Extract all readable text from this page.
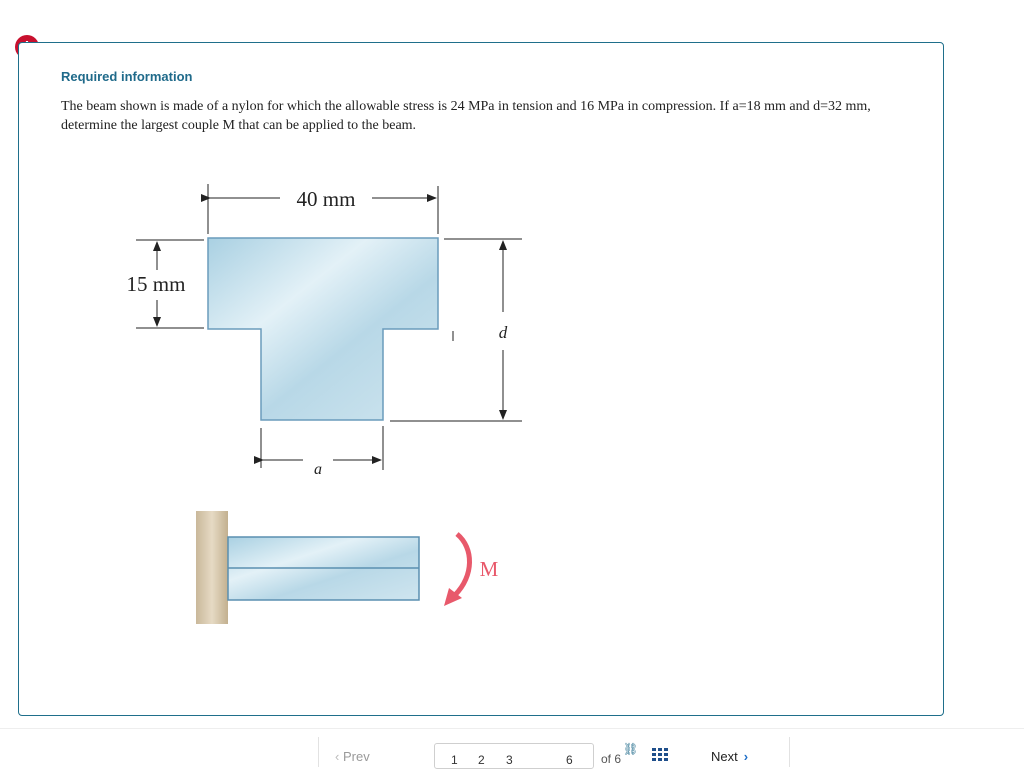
Required information

The beam shown is made of a nylon for which the allowable stress is 24 MPa in tension and 16 MPa in compression. If a=18 mm and d=32 mm, determine the largest couple M that can be applied to the beam.

40 mm
15 mm
d
a
M
‹ Prev	1 2 3
⛓
6 of 6	Next ›
